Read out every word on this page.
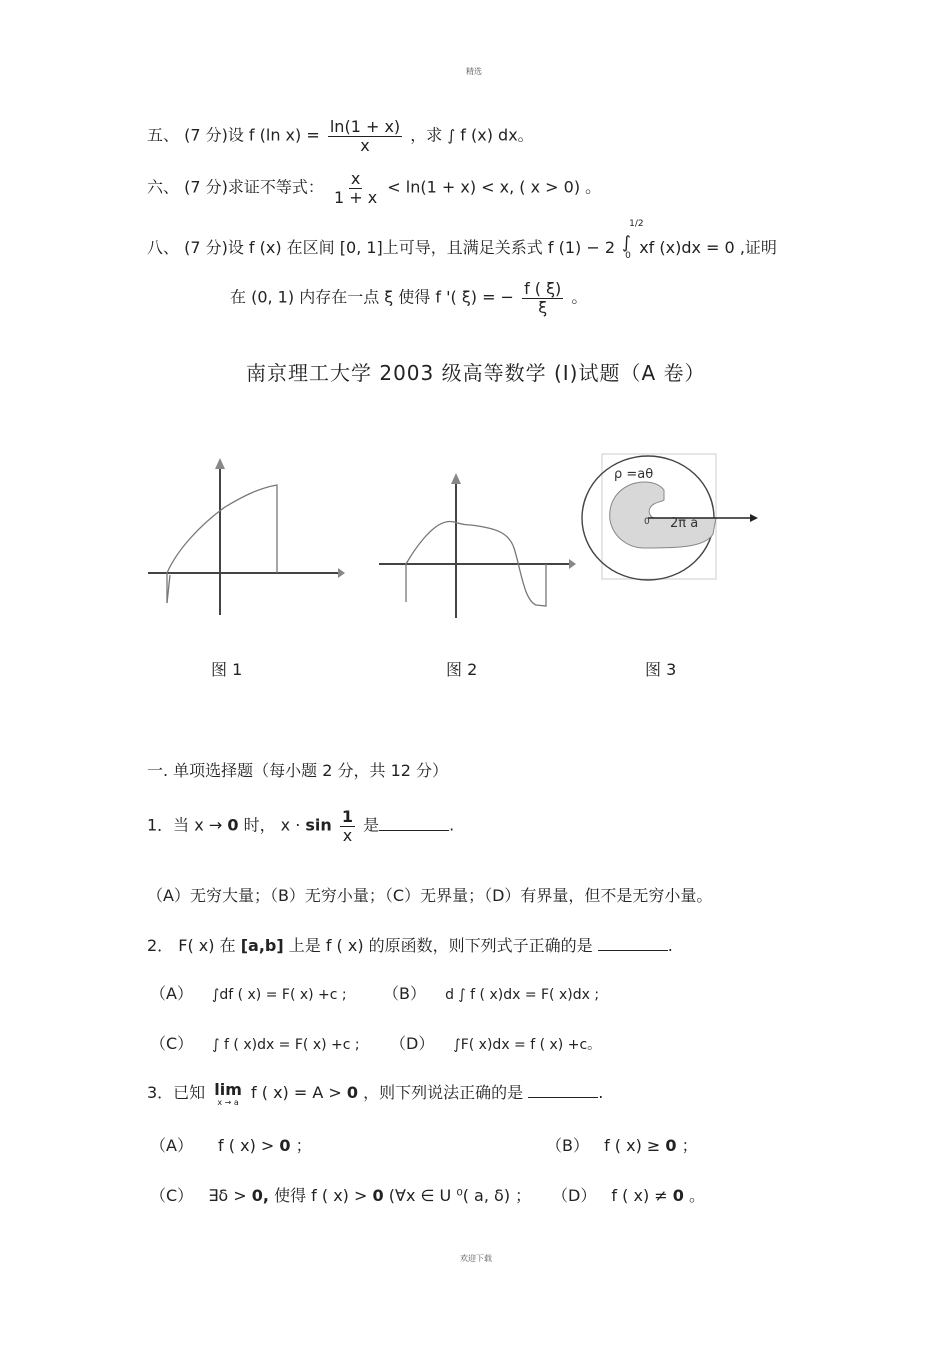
精选
欢迎下载
五、 (7 分)设 f (ln $x) = \frac{\ln(1 + x)}{x}$ ，求 ∫ f (x) dx。
六、 (7 分)求证不等式： $\frac{x}{1 + x} < \ln(1 + x) < x$, ( x > 0) 。
八、 (7 分)设 f (x) 在区间 [0, 1]上可导，且满足关系式 f (1) − 2 ∫
1/2
0 xf (x)dx = 0 ,证明
在 (0, 1) 内存在一点 ξ 使得 f '( ξ) = − $\frac{f ( \xi)}{\xi}$ 。
南京理工大学 2003 级高等数学 (I)试题（A 卷）
图 1	图 2
ρ =aθ
0 2π a
图 3
一. 单项选择题（每小题 2 分，共 12 分）
1．当 x → 0 时， $x \cdot \sin \frac{1}{x}$ 是	.
（A）无穷大量；（B）无穷小量；（C）无界量；（D）有界量，但不是无穷小量。
2． F( x) 在 [a,b] 上是 f ( x) 的原函数，则下列式子正确的是	.
（A） ∫df ( x) = F( x) +c ; （B） d ∫ f ( x)dx = F( x)dx ;
（C） ∫ f ( x)dx = F( x) +c ; （D） ∫F( x)dx = f ( x) +c。
3．已知 lim
x → a
f ( x) = A > 0 ，则下列说法正确的是	.
（A） f ( x) > 0 ；	（B） f ( x) ≥ 0 ；
（C） ∃δ > 0, 使得 f ( x) > 0 (∀x ∈ U ⁰( a, δ) ； （D） f ( x) ≠ 0 。
